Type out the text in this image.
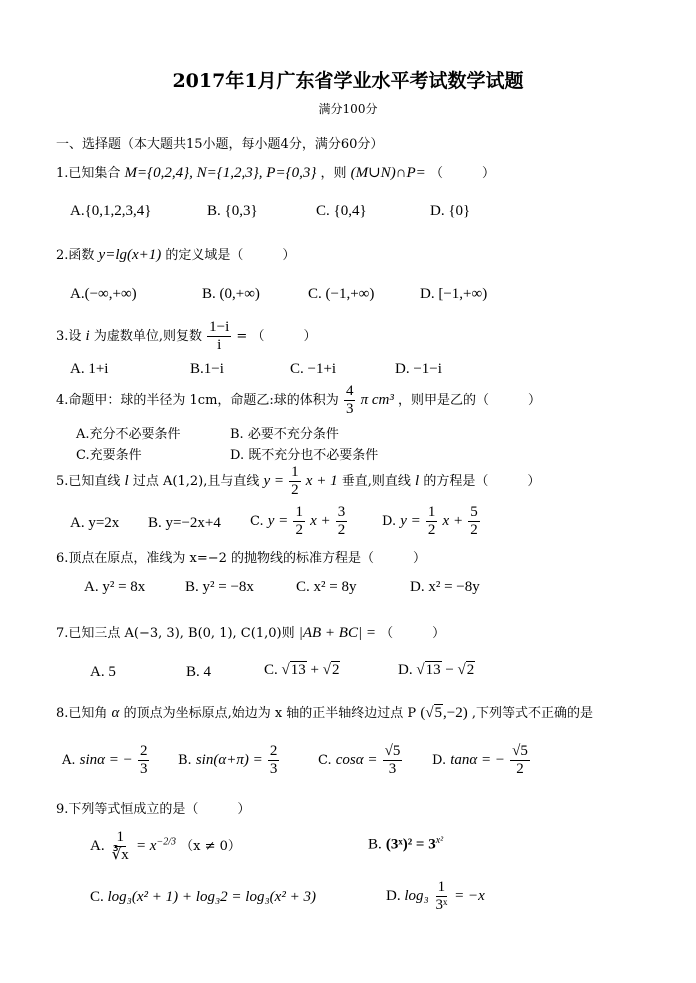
2017年1月广东省学业水平考试数学试题
满分100分
一、选择题（本大题共15小题，每小题4分，满分60分）
1.已知集合 M={0,2,4}, N={1,2,3}, P={0,3} ，则 (M∪N)∩P= （　　　）
A.{0,1,2,3,4}	B. {0,3}	C. {0,4}	D. {0}
2.函数 y=lg(x+1) 的定义域是（　　　）
A.(−∞,+∞)	B. (0,+∞)	C. (−1,+∞)	D. [−1,+∞)
3.设 i 为虚数单位,则复数 $\frac{1-i}{i}$ = （　　　）
A. 1+i	B.1−i	C. −1+i	D. −1−i
4.命题甲：球的半径为 1cm，命题乙:球的体积为 $\frac{4}{3}$ π cm³ ，则甲是乙的（　　　）
A.充分不必要条件	B. 必要不充分条件
C.充要条件	D. 既不充分也不必要条件
5.已知直线 l 过点 A(1,2),且与直线 $y = \frac{1}{2}$ x + 1 垂直,则直线 l 的方程是（　　　）
A. y=2x B. y=−2x+4 C. $y = \frac{1}{2}$ $x + \frac{3}{2}$	D. $y = \frac{1}{2}$ $x + \frac{5}{2}$
6.顶点在原点，准线为 x=−2 的抛物线的标准方程是（　　　）
A. y² = 8x	B. y² = −8x	C. x² = 8y	D. x² = −8y
7.已知三点 A(−3, 3), B(0, 1), C(1,0)则 |AB + BC| = （　　　）
A. 5	B. 4	C. √13 + √2	D. √13 − √2
8.已知角 α 的顶点为坐标原点,始边为 x 轴的正半轴终边过点 P (√5,−2) ,下列等式不正确的是
A. sinα = − $\frac{2}{3} B$. $\sin(\alpha+\pi) = \frac{2}{3}$	C. $\cos\alpha = \frac{√5}{3} D$. tanα = − $\frac{√5}{2}$
9.下列等式恒成立的是（　　　）
A. $\frac{1}{∛x} = x^{-2/3}$ （x ≠ 0）	B. (3ˣ)² = $3^{x^2}$
C. log₃(x² + 1) + log₃2 = log₃(x² + 3)	D. $\log_3 \frac{1}{\text{3ˣ}} = -x$
